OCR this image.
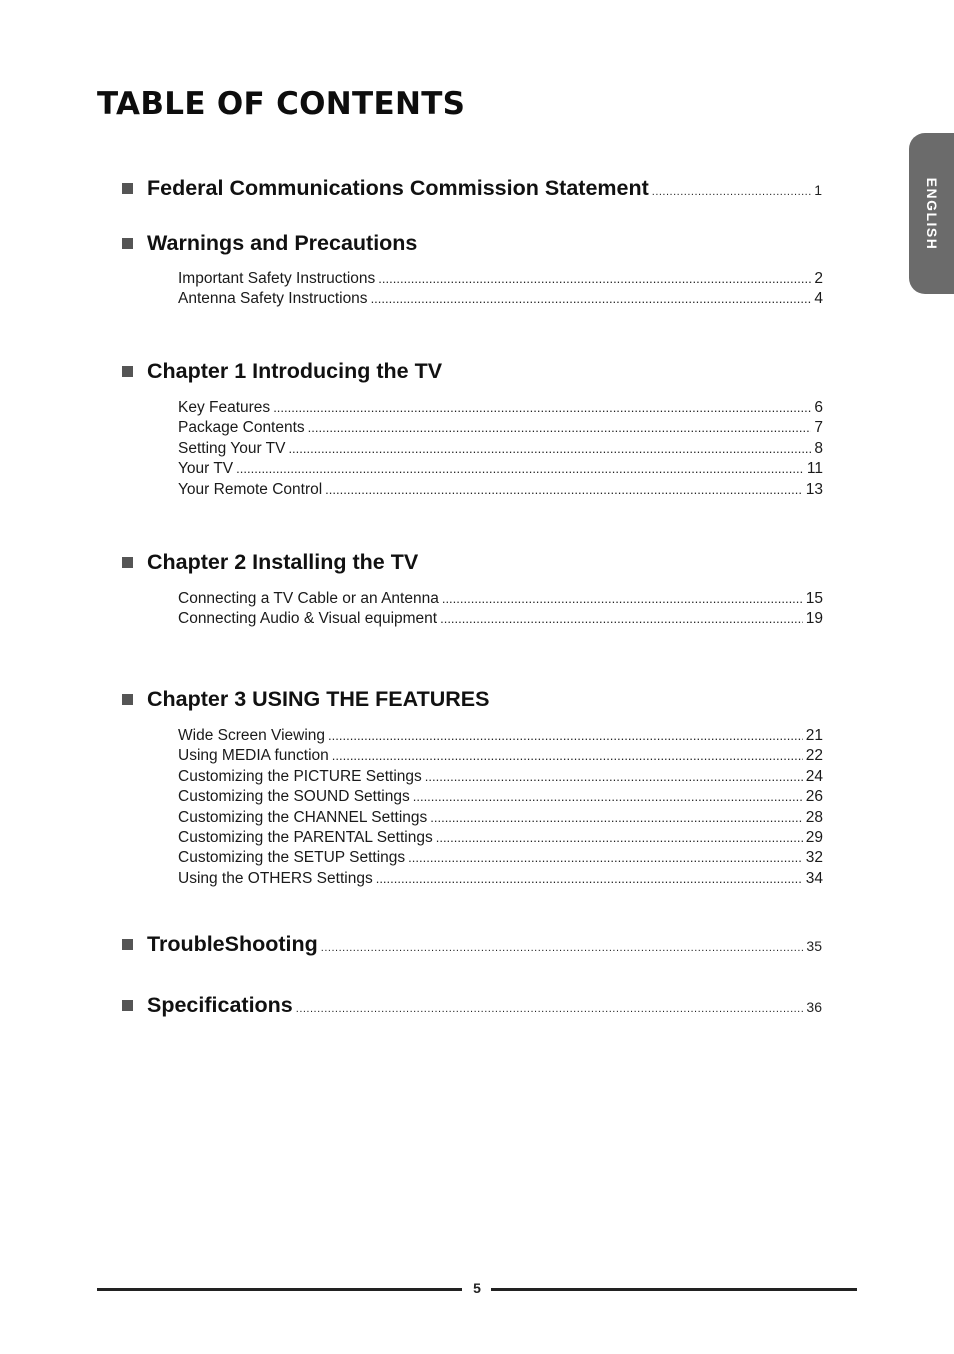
TABLE OF CONTENTS
ENGLISH
Federal Communications Commission Statement .....	1
Warnings and Precautions
Important Safety Instructions .....	2
Antenna Safety Instructions .....	4
Chapter 1 Introducing the TV
Key Features .....	6
Package Contents .....	7
Setting Your TV .....	8
Your TV .....	11
Your Remote Control .....	13
Chapter 2 Installing the TV
Connecting a TV Cable or an Antenna .....	15
Connecting Audio & Visual equipment .....	19
Chapter 3 USING THE FEATURES
Wide Screen Viewing .....	21
Using MEDIA function .....	22
Customizing the PICTURE Settings .....	24
Customizing the SOUND Settings .....	26
Customizing the CHANNEL Settings .....	28
Customizing the PARENTAL Settings .....	29
Customizing the SETUP Settings .....	32
Using the OTHERS Settings .....	34
TroubleShooting .....	35
Specifications .....	36
5
